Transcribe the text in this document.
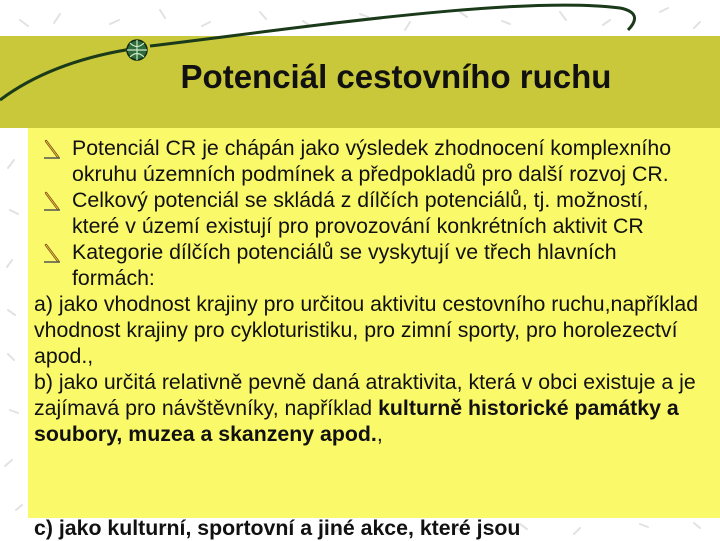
Potenciál cestovního ruchu

Potenciál CR je chápán jako výsledek zhodnocení komplexního okruhu územních podmínek a předpokladů pro další rozvoj CR.

Celkový potenciál se skládá z dílčích potenciálů, tj. možností, které v území existují pro provozování konkrétních aktivit CR

Kategorie dílčích potenciálů se vyskytují ve třech hlavních formách:

a) jako vhodnost krajiny pro určitou aktivitu cestovního ruchu,například vhodnost krajiny pro cykloturistiku, pro zimní sporty, pro horolezectví apod.,

b) jako určitá relativně pevně daná atraktivita, která v obci existuje a je zajímavá pro návštěvníky, například kulturně historické památky a soubory, muzea a skanzeny apod.,

c) jako kulturní, sportovní a jiné akce, které jsou
